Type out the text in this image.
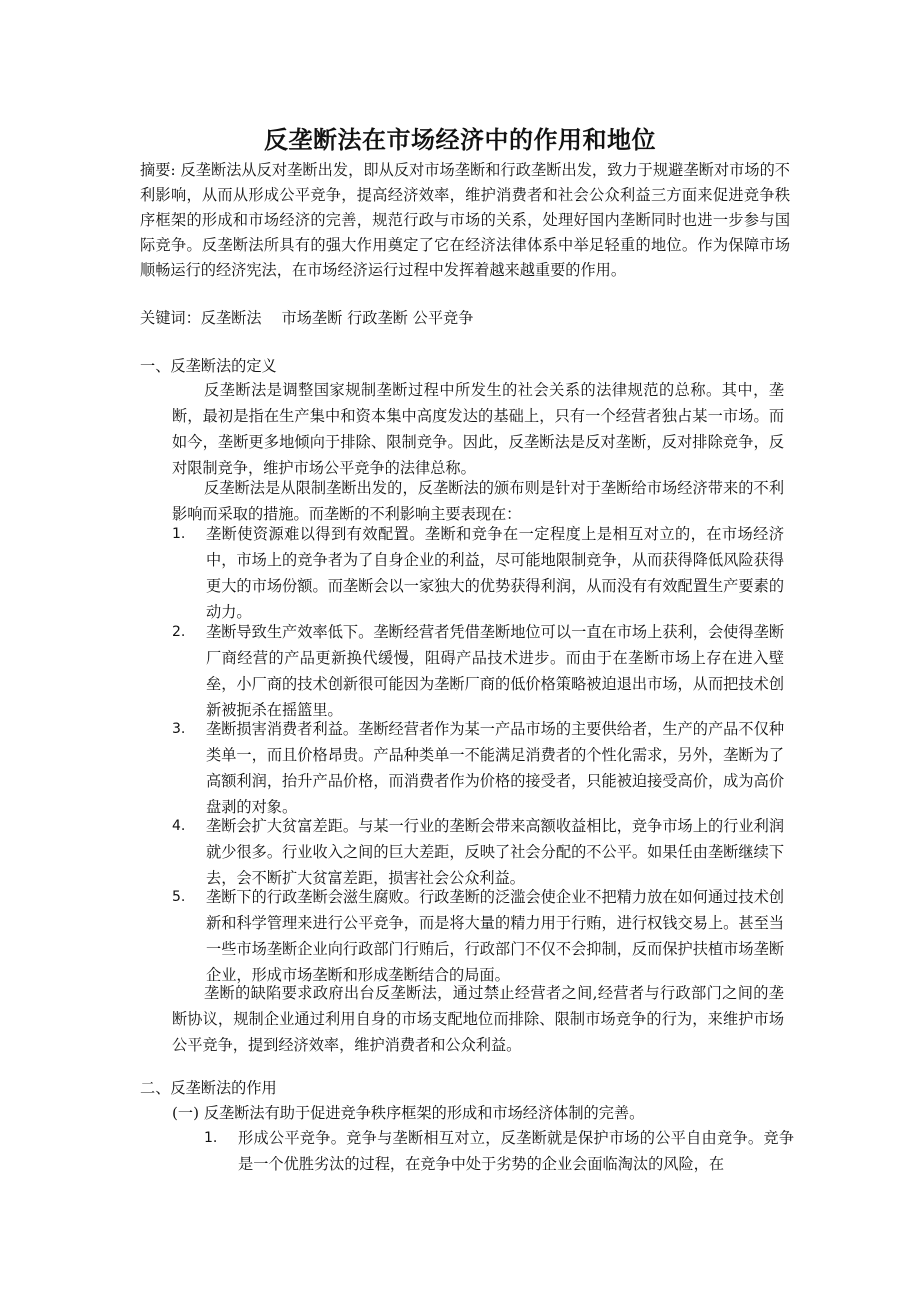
反垄断法在市场经济中的作用和地位
摘要: 反垄断法从反对垄断出发，即从反对市场垄断和行政垄断出发，致力于规避垄断对市场的不利影响，从而从形成公平竞争，提高经济效率，维护消费者和社会公众利益三方面来促进竞争秩序框架的形成和市场经济的完善，规范行政与市场的关系，处理好国内垄断同时也进一步参与国际竞争。反垄断法所具有的强大作用奠定了它在经济法律体系中举足轻重的地位。作为保障市场顺畅运行的经济宪法，在市场经济运行过程中发挥着越来越重要的作用。
关键词：反垄断法　 市场垄断 行政垄断 公平竞争
一、反垄断法的定义
反垄断法是调整国家规制垄断过程中所发生的社会关系的法律规范的总称。其中，垄断，最初是指在生产集中和资本集中高度发达的基础上，只有一个经营者独占某一市场。而如今，垄断更多地倾向于排除、限制竞争。因此，反垄断法是反对垄断，反对排除竞争，反对限制竞争，维护市场公平竞争的法律总称。
反垄断法是从限制垄断出发的，反垄断法的颁布则是针对于垄断给市场经济带来的不利影响而采取的措施。而垄断的不利影响主要表现在：
1. 垄断使资源难以得到有效配置。垄断和竞争在一定程度上是相互对立的，在市场经济中，市场上的竞争者为了自身企业的利益，尽可能地限制竞争，从而获得降低风险获得更大的市场份额。而垄断会以一家独大的优势获得利润，从而没有有效配置生产要素的动力。
2. 垄断导致生产效率低下。垄断经营者凭借垄断地位可以一直在市场上获利，会使得垄断厂商经营的产品更新换代缓慢，阻碍产品技术进步。而由于在垄断市场上存在进入壁垒，小厂商的技术创新很可能因为垄断厂商的低价格策略被迫退出市场，从而把技术创新被扼杀在摇篮里。
3. 垄断损害消费者利益。垄断经营者作为某一产品市场的主要供给者，生产的产品不仅种类单一，而且价格昂贵。产品种类单一不能满足消费者的个性化需求，另外，垄断为了高额利润，抬升产品价格，而消费者作为价格的接受者，只能被迫接受高价，成为高价盘剥的对象。
4. 垄断会扩大贫富差距。与某一行业的垄断会带来高额收益相比，竞争市场上的行业利润就少很多。行业收入之间的巨大差距，反映了社会分配的不公平。如果任由垄断继续下去，会不断扩大贫富差距，损害社会公众利益。
5. 垄断下的行政垄断会滋生腐败。行政垄断的泛滥会使企业不把精力放在如何通过技术创新和科学管理来进行公平竞争，而是将大量的精力用于行贿，进行权钱交易上。甚至当一些市场垄断企业向行政部门行贿后，行政部门不仅不会抑制，反而保护扶植市场垄断企业，形成市场垄断和形成垄断结合的局面。
垄断的缺陷要求政府出台反垄断法，通过禁止经营者之间,经营者与行政部门之间的垄断协议，规制企业通过利用自身的市场支配地位而排除、限制市场竞争的行为，来维护市场公平竞争，提到经济效率，维护消费者和公众利益。
二、反垄断法的作用
(一) 反垄断法有助于促进竞争秩序框架的形成和市场经济体制的完善。
1. 形成公平竞争。竞争与垄断相互对立，反垄断就是保护市场的公平自由竞争。竞争是一个优胜劣汰的过程，在竞争中处于劣势的企业会面临淘汰的风险，在
